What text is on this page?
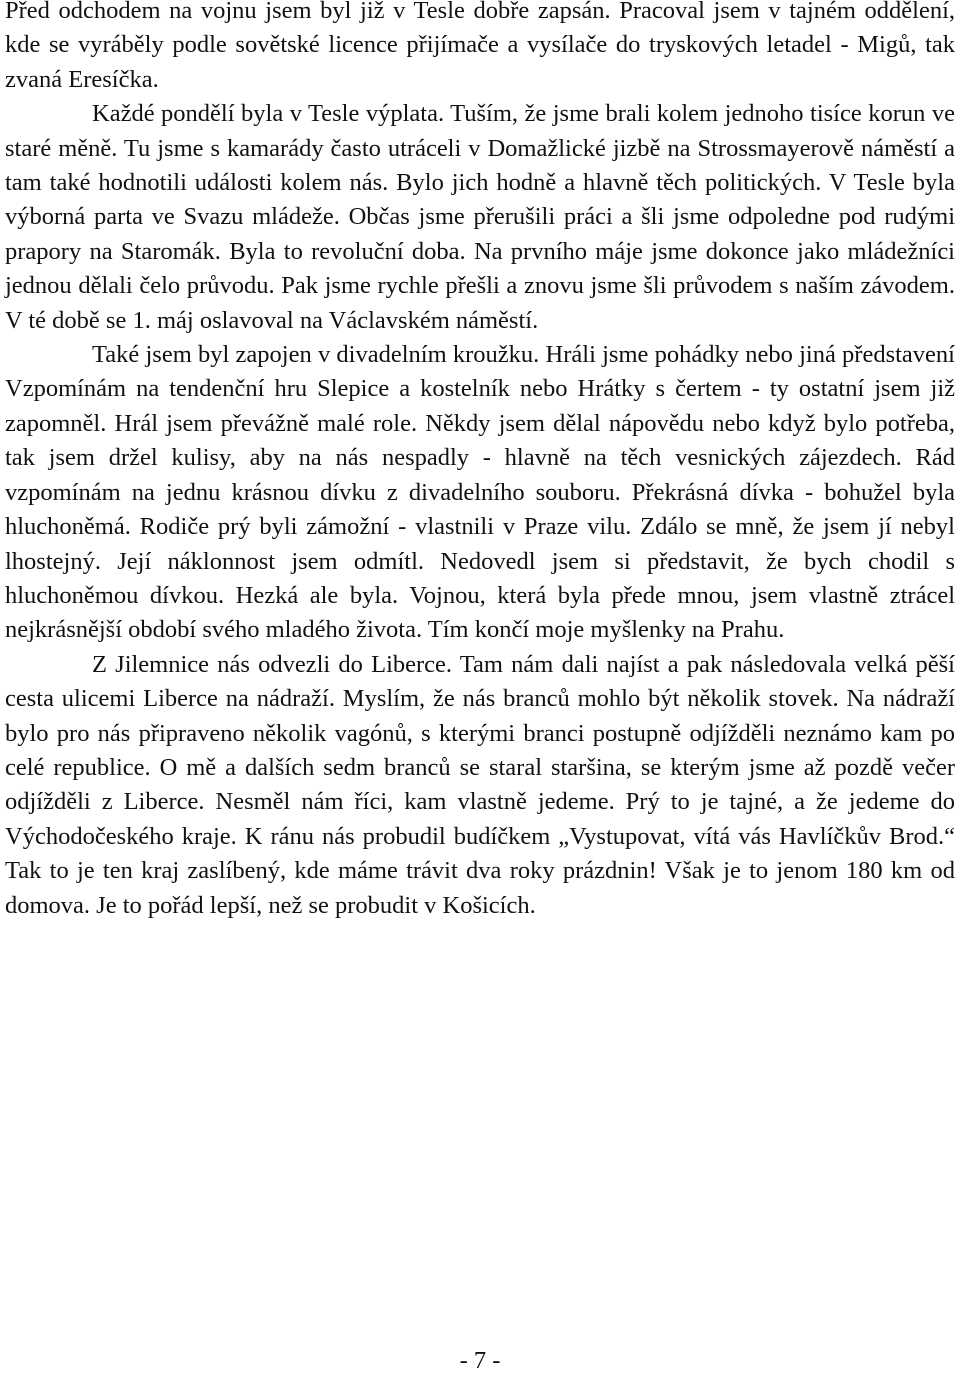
Před odchodem na vojnu jsem byl již v Tesle dobře zapsán. Pracoval jsem v tajném oddělení, kde se vyráběly podle sovětské licence přijímače a vysílače do tryskových letadel - Migů, tak zvaná Eresíčka.

Každé pondělí byla v Tesle výplata. Tuším, že jsme brali kolem jednoho tisíce korun ve staré měně. Tu jsme s kamarády často utráceli v Domažlické jizbě na Strossmayerově náměstí a tam také hodnotili události kolem nás. Bylo jich hodně a hlavně těch politických. V Tesle byla výborná parta ve Svazu mládeže. Občas jsme přerušili práci a šli jsme odpoledne pod rudými prapory na Staromák. Byla to revoluční doba. Na prvního máje jsme dokonce jako mládežníci jednou dělali čelo průvodu. Pak jsme rychle přešli a znovu jsme šli průvodem s naším závodem. V té době se 1. máj oslavoval na Václavském náměstí.

Také jsem byl zapojen v divadelním kroužku. Hráli jsme pohádky nebo jiná představení Vzpomínám na tendenční hru Slepice a kostelník nebo Hrátky s čertem - ty ostatní jsem již zapomněl. Hrál jsem převážně malé role. Někdy jsem dělal nápovědu nebo když bylo potřeba, tak jsem držel kulisy, aby na nás nespadly - hlavně na těch vesnických zájezdech. Rád vzpomínám na jednu krásnou dívku z divadelního souboru. Překrásná dívka - bohužel byla hluchoněmá. Rodiče prý byli zámožní - vlastnili v Praze vilu. Zdálo se mně, že jsem jí nebyl lhostejný. Její náklonnost jsem odmítl. Nedovedl jsem si představit, že bych chodil s hluchoněmou dívkou. Hezká ale byla. Vojnou, která byla přede mnou, jsem vlastně ztrácel nejkrásnější období svého mladého života. Tím končí moje myšlenky na Prahu.

Z Jilemnice nás odvezli do Liberce. Tam nám dali najíst a pak následovala velká pěší cesta ulicemi Liberce na nádraží. Myslím, že nás branců mohlo být několik stovek. Na nádraží bylo pro nás připraveno několik vagónů, s kterými branci postupně odjížděli neznámo kam po celé republice. O mě a dalších sedm branců se staral staršina, se kterým jsme až pozdě večer odjížděli z Liberce. Nesměl nám říci, kam vlastně jedeme. Prý to je tajné, a že jedeme do Východočeského kraje. K ránu nás probudil budíčkem „Vystupovat, vítá vás Havlíčkův Brod.“ Tak to je ten kraj zaslíbený, kde máme trávit dva roky prázdnin! Však je to jenom 180 km od domova. Je to pořád lepší, než se probudit v Košicích.

- 7 -
